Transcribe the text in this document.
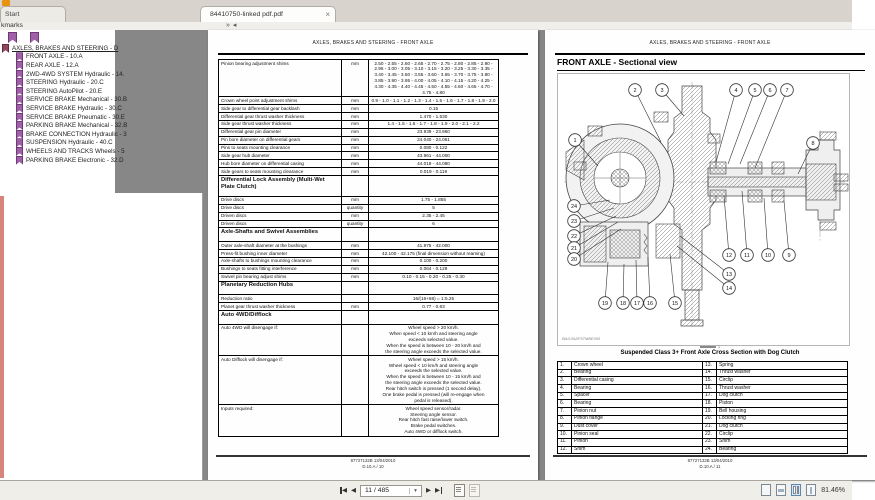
Start	84410750-linked pdf.pdf	×
kmarks	»◂
AXLES, BRAKES AND STEERING - D
FRONT AXLE - 10.A
REAR AXLE - 12.A
2WD-4WD SYSTEM Hydraulic - 14.
STEERING Hydraulic - 20.C
STEERING AutoPilot - 20.E
SERVICE BRAKE Mechanical - 30.B
SERVICE BRAKE Hydraulic - 30.C
SERVICE BRAKE Pneumatic - 30.E
PARKING BRAKE Mechanical - 32.B
BRAKE CONNECTION Hydraulic - 3
SUSPENSION Hydraulic - 40.C
WHEELS AND TRACKS Wheels - 5
PARKING BRAKE Electronic - 32.D
AXLES, BRAKES AND STEERING - FRONT AXLE
Pinion bearing adjustment shims	mm	2.50 - 2.55 - 2.60 - 2.65 - 2.70 - 2.75 - 2.80 - 2.85 - 2.90 - 2.95 - 3.00 - 3.05 - 3.10 - 3.15 - 3.20 - 3.25 - 3.30 - 3.35 - 3.40 - 3.45 - 3.50 - 3.55 - 3.60 - 3.65 - 3.70 - 3.75 - 3.80 - 3.85 - 3.90 - 3.95 - 4.00 - 4.05 - 4.10 - 4.15 - 4.20 - 4.25 - 4.30 - 4.35 - 4.40 - 4.45 - 4.50 - 4.55 - 4.60 - 4.65 - 4.70 - 4.75 - 4.80
Crown wheel point adjustment shims	mm	0.9 - 1.0 - 1.1 - 1.2 - 1.3 - 1.4 - 1.5 - 1.6 - 1.7 - 1.8 - 1.9 - 2.0
Side gear to differential gear backlash	mm	0.15
Differential gear thrust washer thickness	mm	1.470 - 1.530
Side gear thrust washer thickness	mm	1.4 - 1.5 - 1.6 - 1.7 - 1.8 - 1.9 - 2.0 - 2.1 - 2.2
Differential gear pin diameter	mm	23.939 - 23.960
Pin bore diameter on differential gears	mm	24.040 - 24.061
Pins to seats mounting clearance	mm	0.080 - 0.122
Side gear hub diameter	mm	43.961 - 44.000
Hub bore diameter on differential casing	mm	44.019 - 44.080
Side gears to seats mounting clearance	mm	0.019 - 0.119
Differential Lock Assembly (Multi-Wet Plate Clutch)		
Drive discs	mm	1.75 - 1.855
Drive discs	quantity	5
Driven discs	mm	2.35 - 2.45
Driven discs	quantity	6
Axle-Shafts and Swivel Assemblies		
Outer axle-shaft diameter at the bushings	mm	41.975 - 42.000
Press-fit bushing inner diameter	mm	42.100 - 42.175 (final dimension without reaming)
Axle-shafts to bushings mounting clearance	mm	0.100 - 0.200
Bushings to seats fitting interference	mm	0.064 - 0.129
Swivel pin bearing adjust shims	mm	0.10 - 0.15 - 0.20 - 0.25 - 0.30
Planetary Reduction Hubs		
Reduction ratio		16/(16+68) = 1:5.25
Planet gear thrust washer thickness	mm	0.77 - 0.83
Auto 4WD/Difflock		
Auto 4WD will disengage if:		Wheel speed > 20 km/h.
When speed < 10 km/h and steering angle
exceeds selected value.
When the speed is between 10 - 20 km/h and
the steering angle exceeds the selected value.
Auto Difflock will disengage if:		Wheel speed > 15 km/h.
Wheel speed < 10 km/h and steering angle
exceeds the selected value.
When the speed is between 10 - 15 km/h and
the steering angle exceeds the selected value.
Rear hitch switch is pressed (1 second delay).
One brake pedal is pressed (will re-engage when
pedal is released).
Inputs required:		Wheel speed sensor/radar.
Steering angle sensor.
Rear hitch fast raise/lower switch.
Brake pedal switches.
Auto 4WD or difflock switch.
87727132B 13/04/2010
D.10.A / 10
AXLES, BRAKES AND STEERING - FRONT AXLE
FRONT AXLE - Sectional view
1
2	3	4	5 6	7
8
24
23
22
21
20
12 11	10	9
13
14
19 18 17 16	15
BAIL06AP57MBE005
1
Suspended Class 3+ Front Axle Cross Section with Dog Clutch
1.	Crown wheel	13.	Spring
2.	Bearing	14.	Thrust washer
3.	Differential casing	15.	Circlip
4.	Bearing	16.	Thrust washer
5.	Spacer	17.	Dog clutch
6.	Bearing	18.	Piston
7.	Pinion nut	19.	Bell housing
8.	Pinion flange	20.	Locking ring
9.	Dust cover	21.	Dog clutch
10.	Pinion seal	22.	Circlip
11.	Pinion	23.	Shim
12.	Shim	24.	Bearing
87727132B 13/04/2010
D.10.A / 11
◀ ◀	11 / 485	▾	▶ ▶	81.46%
